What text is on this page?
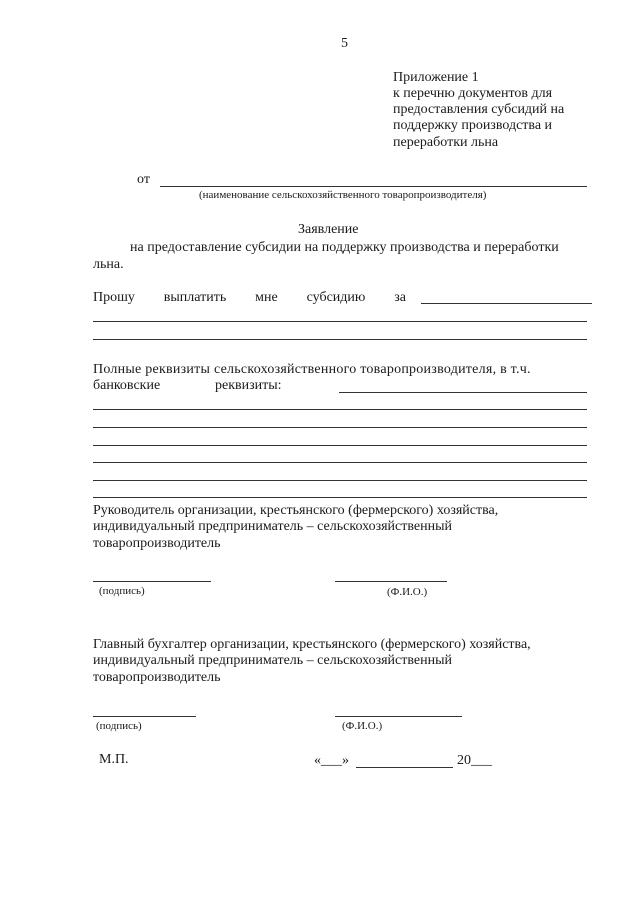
5
Приложение 1
к перечню документов для
предоставления субсидий на
поддержку производства и
переработки льна
от
(наименование сельскохозяйственного товаропроизводителя)
Заявление
на предоставление субсидии на поддержку производства и переработки
льна.
Прошу выплатить мне субсидию за
Полные реквизиты сельскохозяйственного товаропроизводителя, в т.ч.
банковские	реквизиты:
Руководитель организации, крестьянского (фермерского) хозяйства,
индивидуальный предприниматель – сельскохозяйственный
товаропроизводитель
(подпись)	(Ф.И.О.)
Главный бухгалтер организации, крестьянского (фермерского) хозяйства,
индивидуальный предприниматель – сельскохозяйственный
товаропроизводитель
(подпись)	(Ф.И.О.)
М.П.	«___»	20___
